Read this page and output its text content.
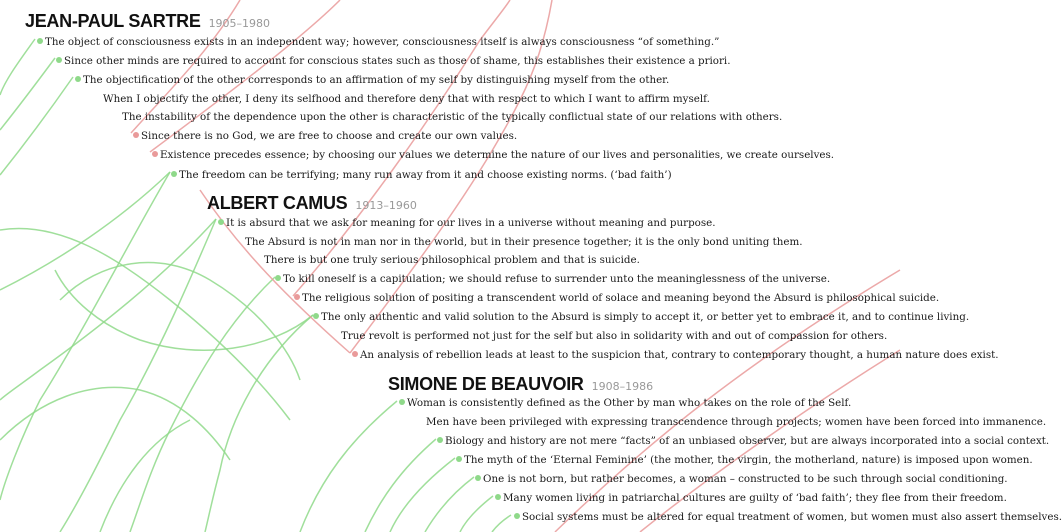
JEAN-PAUL SARTRE 1905–1980
The object of consciousness exists in an independent way; however, consciousness itself is always consciousness “of something.”
Since other minds are required to account for conscious states such as those of shame, this establishes their existence a priori.
The objectification of the other corresponds to an affirmation of my self by distinguishing myself from the other.
When I objectify the other, I deny its selfhood and therefore deny that with respect to which I want to affirm myself.
The instability of the dependence upon the other is characteristic of the typically conflictual state of our relations with others.
Since there is no God, we are free to choose and create our own values.
Existence precedes essence; by choosing our values we determine the nature of our lives and personalities, we create ourselves.
The freedom can be terrifying; many run away from it and choose existing norms. (‘bad faith’)
ALBERT CAMUS 1913–1960
It is absurd that we ask for meaning for our lives in a universe without meaning and purpose.
The Absurd is not in man nor in the world, but in their presence together; it is the only bond uniting them.
There is but one truly serious philosophical problem and that is suicide.
To kill oneself is a capitulation; we should refuse to surrender unto the meaninglessness of the universe.
The religious solution of positing a transcendent world of solace and meaning beyond the Absurd is philosophical suicide.
The only authentic and valid solution to the Absurd is simply to accept it, or better yet to embrace it, and to continue living.
True revolt is performed not just for the self but also in solidarity with and out of compassion for others.
An analysis of rebellion leads at least to the suspicion that, contrary to contemporary thought, a human nature does exist.
SIMONE DE BEAUVOIR 1908–1986
Woman is consistently defined as the Other by man who takes on the role of the Self.
Men have been privileged with expressing transcendence through projects; women have been forced into immanence.
Biology and history are not mere “facts” of an unbiased observer, but are always incorporated into a social context.
The myth of the ‘Eternal Feminine’ (the mother, the virgin, the motherland, nature) is imposed upon women.
One is not born, but rather becomes, a woman – constructed to be such through social conditioning.
Many women living in patriarchal cultures are guilty of ‘bad faith’; they flee from their freedom.
Social systems must be altered for equal treatment of women, but women must also assert themselves.
